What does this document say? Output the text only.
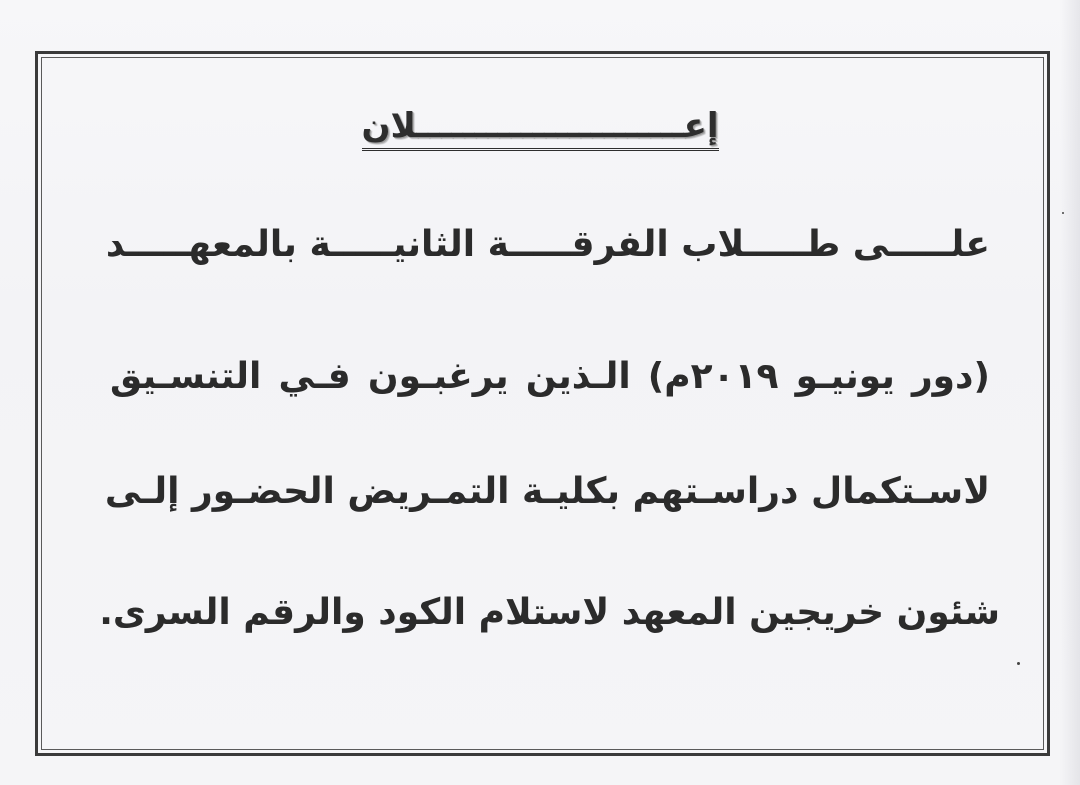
إعـــــــــــــــــــــــلان
علـــــى طـــــلاب الفرقـــــة الثانيـــــة بالمعهـــــد
(دور يونيـو ٢٠١٩م) الـذين يرغبـون فـي التنسـيق
لاسـتكمال دراسـتهم بكليـة التمـريض الحضـور إلـى
شئون خريجين المعهد لاستلام الكود والرقم السرى.
